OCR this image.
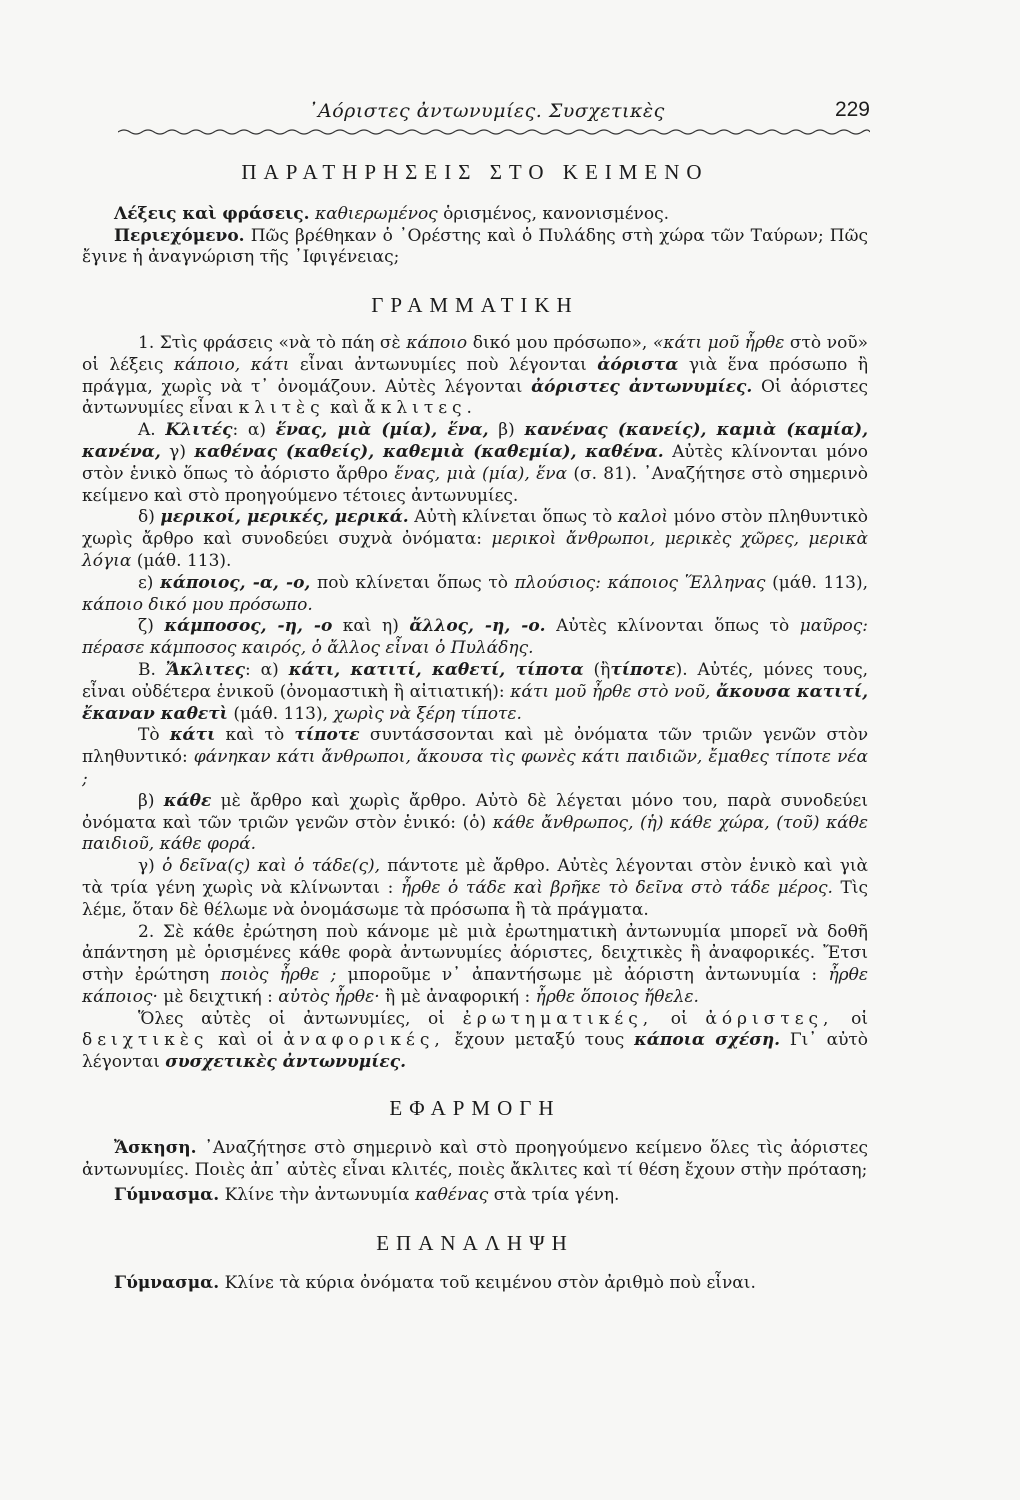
᾿Αόριστες ἀντωνυμίες. Συσχετικὲς	229
ΠΑΡΑΤΗΡΗΣΕΙΣ ΣΤΟ ΚΕΙΜΕΝΟ

Λέξεις καὶ φράσεις. καθιερωμένος ὁρισμένος, κανονισμένος.

Περιεχόμενο. Πῶς βρέθηκαν ὁ ᾿Ορέστης καὶ ὁ Πυλάδης στὴ χώρα τῶν Ταύρων; Πῶς ἔγινε ἡ ἀναγνώριση τῆς ᾿Ιφιγένειας;

ΓΡΑΜΜΑΤΙΚΗ

1. Στὶς φράσεις «νὰ τὸ πάη σὲ κάποιο δικό μου πρόσωπο», «κάτι μοῦ ἦρθε στὸ νοῦ» οἱ λέξεις κάποιο, κάτι εἶναι ἀντωνυμίες ποὺ λέγονται ἀόριστα γιὰ ἕνα πρόσωπο ἢ πράγμα, χωρὶς νὰ τ᾿ ὀνομάζουν. Αὐτὲς λέγονται ἀόριστες ἀντωνυμίες. Οἱ ἀόριστες ἀντωνυμίες εἶναι κλιτὲς καὶ ἄκλιτες.

Α. Κλιτές: α) ἕνας, μιὰ (μία), ἕνα, β) κανένας (κανείς), καμιὰ (καμία), κανένα, γ) καθένας (καθείς), καθεμιὰ (καθεμία), καθένα. Αὐτὲς κλίνονται μόνο στὸν ἑνικὸ ὅπως τὸ ἀόριστο ἄρθρο ἕνας, μιὰ (μία), ἕνα (σ. 81). ᾿Αναζήτησε στὸ σημερινὸ κείμενο καὶ στὸ προηγούμενο τέτοιες ἀντωνυμίες.

δ) μερικοί, μερικές, μερικά. Αὐτὴ κλίνεται ὅπως τὸ καλοὶ μόνο στὸν πληθυντικὸ χωρὶς ἄρθρο καὶ συνοδεύει συχνὰ ὀνόματα: μερικοὶ ἄνθρωποι, μερικὲς χῶρες, μερικὰ λόγια (μάθ. 113).

ε) κάποιος, -α, -ο, ποὺ κλίνεται ὅπως τὸ πλούσιος: κάποιος Ἕλληνας (μάθ. 113), κάποιο δικό μου πρόσωπο.

ζ) κάμποσος, -η, -ο καὶ η) ἄλλος, -η, -ο. Αὐτὲς κλίνονται ὅπως τὸ μαῦρος: πέρασε κάμποσος καιρός, ὁ ἄλλος εἶναι ὁ Πυλάδης.

Β. Ἄκλιτες: α) κάτι, κατιτί, καθετί, τίποτα (ἢτίποτε). Αὐτές, μόνες τους, εἶναι οὐδέτερα ἑνικοῦ (ὀνομαστικὴ ἢ αἰτιατική): κάτι μοῦ ἦρθε στὸ νοῦ, ἄκουσα κατιτί, ἔκαναν καθετὶ (μάθ. 113), χωρὶς νὰ ξέρη τίποτε.

Τὸ κάτι καὶ τὸ τίποτε συντάσσονται καὶ μὲ ὀνόματα τῶν τριῶν γενῶν στὸν πληθυντικό: φάνηκαν κάτι ἄνθρωποι, ἄκουσα τὶς φωνὲς κάτι παιδιῶν, ἔμαθες τίποτε νέα ;

β) κάθε μὲ ἄρθρο καὶ χωρὶς ἄρθρο. Αὐτὸ δὲ λέγεται μόνο του, παρὰ συνοδεύει ὀνόματα καὶ τῶν τριῶν γενῶν στὸν ἑνικό: (ὁ) κάθε ἄνθρωπος, (ἡ) κάθε χώρα, (τοῦ) κάθε παιδιοῦ, κάθε φορά.

γ) ὁ δεῖνα(ς) καὶ ὁ τάδε(ς), πάντοτε μὲ ἄρθρο. Αὐτὲς λέγονται στὸν ἑνικὸ καὶ γιὰ τὰ τρία γένη χωρὶς νὰ κλίνωνται : ἦρθε ὁ τάδε καὶ βρῆκε τὸ δεῖνα στὸ τάδε μέρος. Τὶς λέμε, ὅταν δὲ θέλωμε νὰ ὀνομάσωμε τὰ πρόσωπα ἢ τὰ πράγματα.

2. Σὲ κάθε ἐρώτηση ποὺ κάνομε μὲ μιὰ ἐρωτηματικὴ ἀντωνυμία μπορεῖ νὰ δοθῆ ἀπάντηση μὲ ὁρισμένες κάθε φορὰ ἀντωνυμίες ἀόριστες, δειχτικὲς ἢ ἀναφορικές. Ἔτσι στὴν ἐρώτηση ποιὸς ἦρθε ; μποροῦμε ν᾿ ἀπαντήσωμε μὲ ἀόριστη ἀντωνυμία : ἦρθε κάποιος· μὲ δειχτική : αὐτὸς ἦρθε· ἢ μὲ ἀναφορική : ἦρθε ὅποιος ἤθελε.

Ὅλες αὐτὲς οἱ ἀντωνυμίες, οἱ ἐρωτηματικές, οἱ ἀόριστες, οἱ δειχτικὲς καὶ οἱ ἀναφορικές, ἔχουν μεταξύ τους κάποια σχέση. Γι᾿ αὐτὸ λέγονται συσχετικὲς ἀντωνυμίες.

ΕΦΑΡΜΟΓΗ

Ἄσκηση. ᾿Αναζήτησε στὸ σημερινὸ καὶ στὸ προηγούμενο κείμενο ὅλες τὶς ἀόριστες ἀντωνυμίες. Ποιὲς ἀπ᾿ αὐτὲς εἶναι κλιτές, ποιὲς ἄκλιτες καὶ τί θέση ἔχουν στὴν πρόταση;

Γύμνασμα. Κλίνε τὴν ἀντωνυμία καθένας στὰ τρία γένη.

ΕΠΑΝΑΛΗΨΗ

Γύμνασμα. Κλίνε τὰ κύρια ὀνόματα τοῦ κειμένου στὸν ἀριθμὸ ποὺ εἶναι.
